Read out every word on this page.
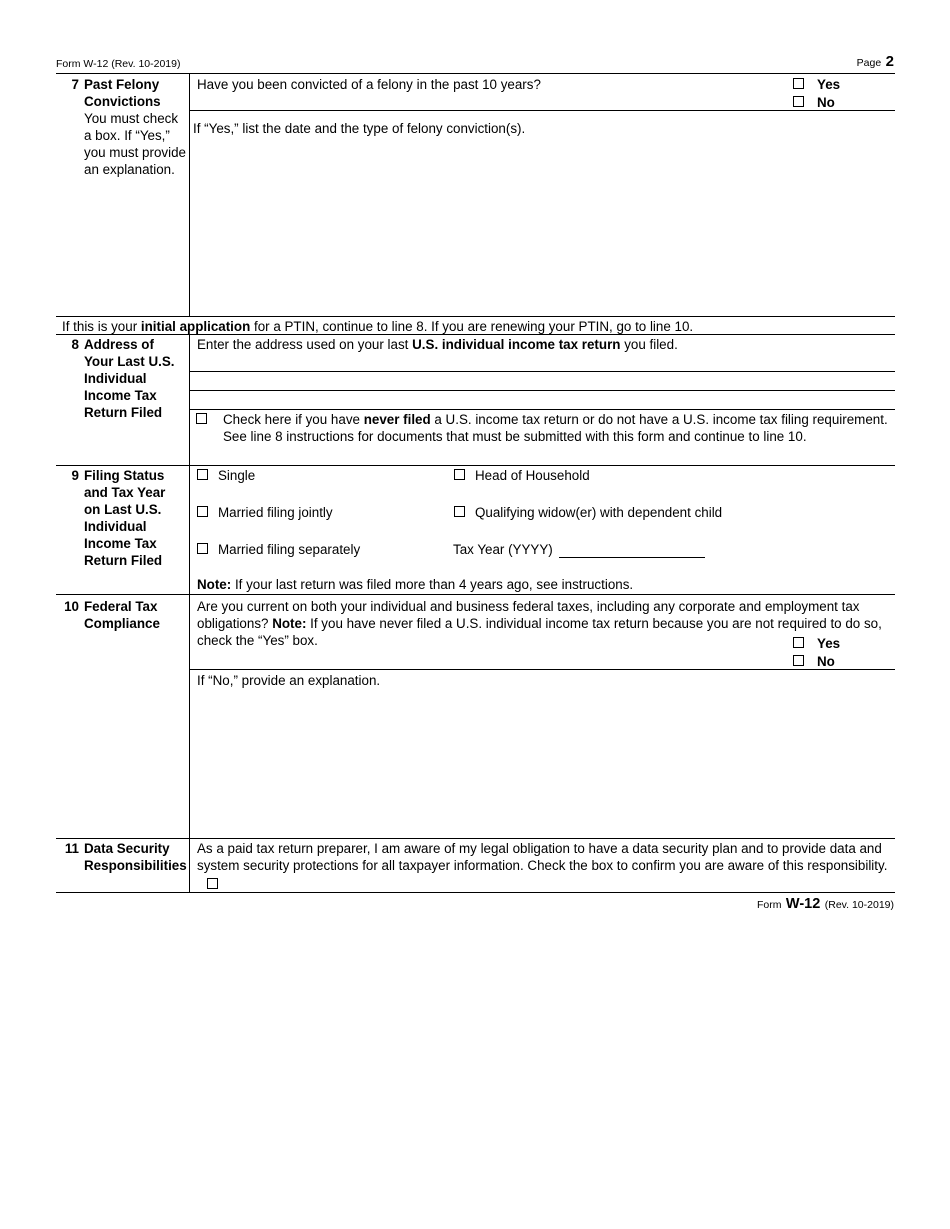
Form W-12 (Rev. 10-2019)	Page 2
7 Past Felony Convictions
You must check a box. If “Yes,” you must provide an explanation.
Have you been convicted of a felony in the past 10 years?	Yes
No
If “Yes,” list the date and the type of felony conviction(s).
If this is your initial application for a PTIN, continue to line 8. If you are renewing your PTIN, go to line 10.
8 Address of Your Last U.S. Individual Income Tax Return Filed
Enter the address used on your last U.S. individual income tax return you filed.
Check here if you have never filed a U.S. income tax return or do not have a U.S. income tax filing requirement. See line 8 instructions for documents that must be submitted with this form and continue to line 10.
9 Filing Status and Tax Year on Last U.S. Individual Income Tax Return Filed
Single	Head of Household
Married filing jointly	Qualifying widow(er) with dependent child
Married filing separately	Tax Year (YYYY)
Note: If your last return was filed more than 4 years ago, see instructions.
10 Federal Tax Compliance
Are you current on both your individual and business federal taxes, including any corporate and employment tax obligations? Note: If you have never filed a U.S. individual income tax return because you are not required to do so, check the “Yes” box.	Yes
No
If “No,” provide an explanation.
11 Data Security Responsibilities
As a paid tax return preparer, I am aware of my legal obligation to have a data security plan and to provide data and system security protections for all taxpayer information. Check the box to confirm you are aware of this responsibility.
Form W-12 (Rev. 10-2019)
